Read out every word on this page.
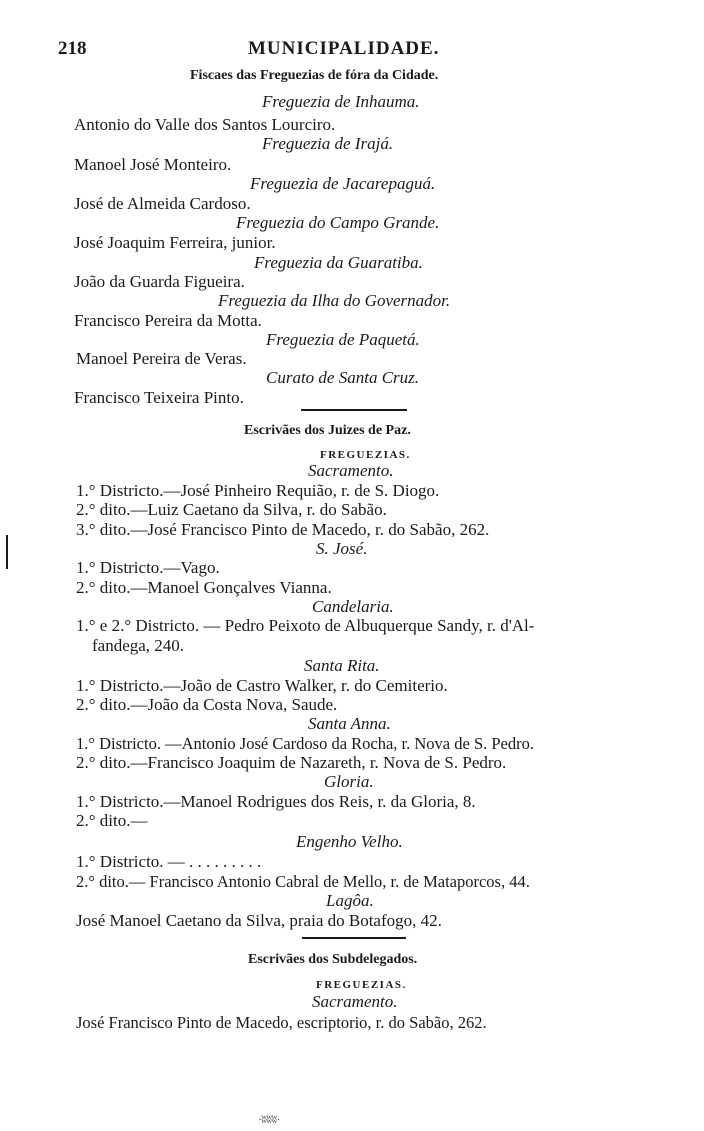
218	MUNICIPALIDADE.
Fiscaes das Freguezias de fóra da Cidade.
Freguezia de Inhauma.
Antonio do Valle dos Santos Lourciro.
Freguezia de Irajá.
Manoel José Monteiro.
Freguezia de Jacarepaguá.
José de Almeida Cardoso.
Freguezia do Campo Grande.
José Joaquim Ferreira, junior.
Freguezia da Guaratiba.
João da Guarda Figueira.
Freguezia da Ilha do Governador.
Francisco Pereira da Motta.
Freguezia de Paquetá.
Manoel Pereira de Veras.
Curato de Santa Cruz.
Francisco Teixeira Pinto.
Escrivães dos Juizes de Paz.
FREGUEZIAS.
Sacramento.
1.° Districto.—José Pinheiro Requião, r. de S. Diogo.
2.° dito.—Luiz Caetano da Silva, r. do Sabão.
3.° dito.—José Francisco Pinto de Macedo, r. do Sabão, 262.
S. José.
1.° Districto.—Vago.
2.° dito.—Manoel Gonçalves Vianna.
Candelaria.
1.° e 2.° Districto. — Pedro Peixoto de Albuquerque Sandy, r. d'Al-
fandega, 240.
Santa Rita.
1.° Districto.—João de Castro Walker, r. do Cemiterio.
2.° dito.—João da Costa Nova, Saude.
Santa Anna.
1.° Districto. —Antonio José Cardoso da Rocha, r. Nova de S. Pedro.
2.° dito.—Francisco Joaquim de Nazareth, r. Nova de S. Pedro.
Gloria.
1.° Districto.—Manoel Rodrigues dos Reis, r. da Gloria, 8.
2.° dito.—
Engenho Velho.
1.° Districto. — . . . . . . . . .
2.° dito.— Francisco Antonio Cabral de Mello, r. de Mataporcos, 44.
Lagôa.
José Manoel Caetano da Silva, praia do Botafogo, 42.
Escrivães dos Subdelegados.
FREGUEZIAS.
Sacramento.
José Francisco Pinto de Macedo, escriptorio, r. do Sabão, 262.
·ʬʬʬ·
